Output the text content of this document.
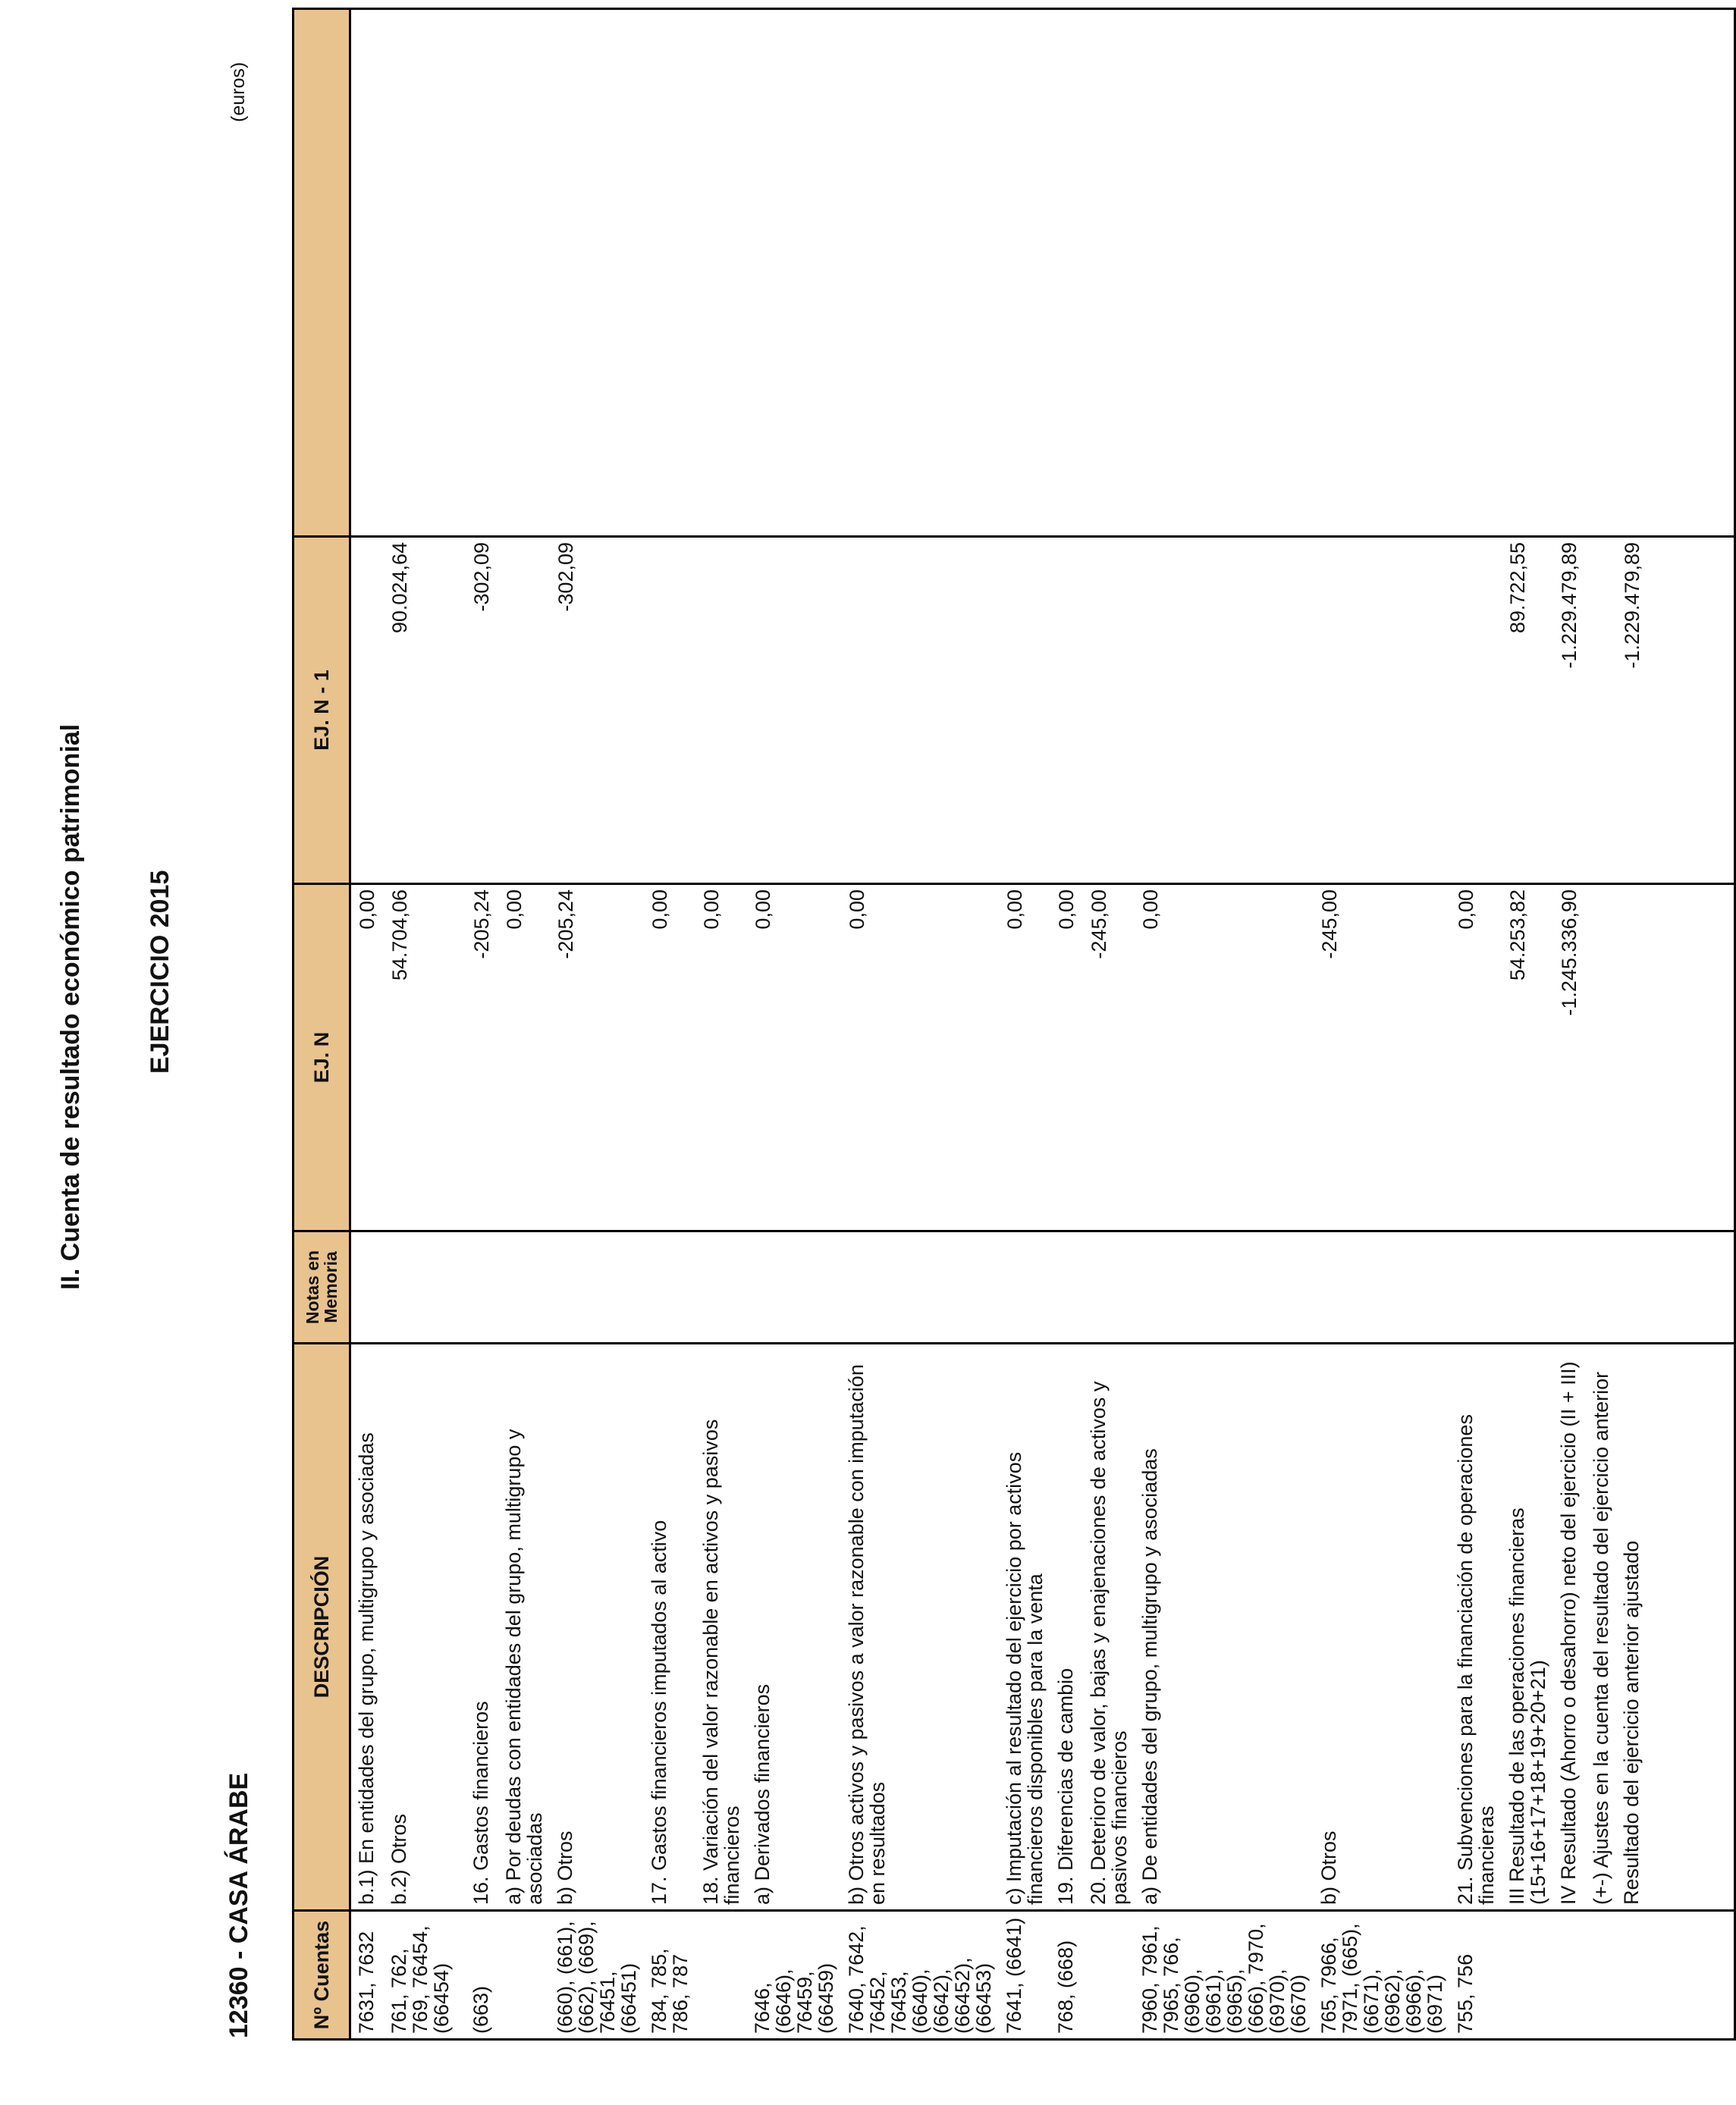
II. Cuenta de resultado económico patrimonial EJERCICIO 2015
12360 - CASA ÁRABE
(euros)
Nº Cuentas	DESCRIPCIÓN	Notas en Memoria	EJ. N	EJ. N - 1	
7631, 7632	b.1) En entidades del grupo, multigrupo y asociadas		0,00		
761, 762, 769, 76454, (66454)	b.2) Otros		54.704,06	90.024,64	

(663)	16. Gastos financieros		-205,24	-302,09	
	a) Por deudas con entidades del grupo, multigrupo y asociadas		0,00		
(660), (661), (662), (669), 76451, (66451)	b) Otros		-205,24	-302,09	
784, 785, 786, 787	17. Gastos financieros imputados al activo		0,00		
	18. Variación del valor razonable en activos y pasivos financieros		0,00		
7646, (6646), 76459, (66459)	a) Derivados financieros		0,00		
7640, 7642, 76452, 76453, (6640), (6642), (66452), (66453)	b) Otros activos y pasivos a valor razonable con imputación en resultados		0,00		
7641, (6641)	c) Imputación al resultado del ejercicio por activos financieros disponibles para la venta		0,00		
768, (668)	19. Diferencias de cambio		0,00		
	20. Deterioro de valor, bajas y enajenaciones de activos y pasivos financieros		-245,00		
7960, 7961, 7965, 766, (6960), (6961), (6965), (666), 7970, (6970), (6670)	a) De entidades del grupo, multigrupo y asociadas		0,00		
765, 7966, 7971, (665), (6671), (6962), (6966), (6971)	b) Otros		-245,00		
755, 756	21. Subvenciones para la financiación de operaciones financieras		0,00		
	III Resultado de las operaciones financieras (15+16+17+18+19+20+21)		54.253,82	89.722,55	
	IV Resultado (Ahorro o desahorro) neto del ejercicio (II + III)		-1.245.336,90	-1.229.479,89	
	(+-) Ajustes en la cuenta del resultado del ejercicio anterior				
	Resultado del ejercicio anterior ajustado			-1.229.479,89	
